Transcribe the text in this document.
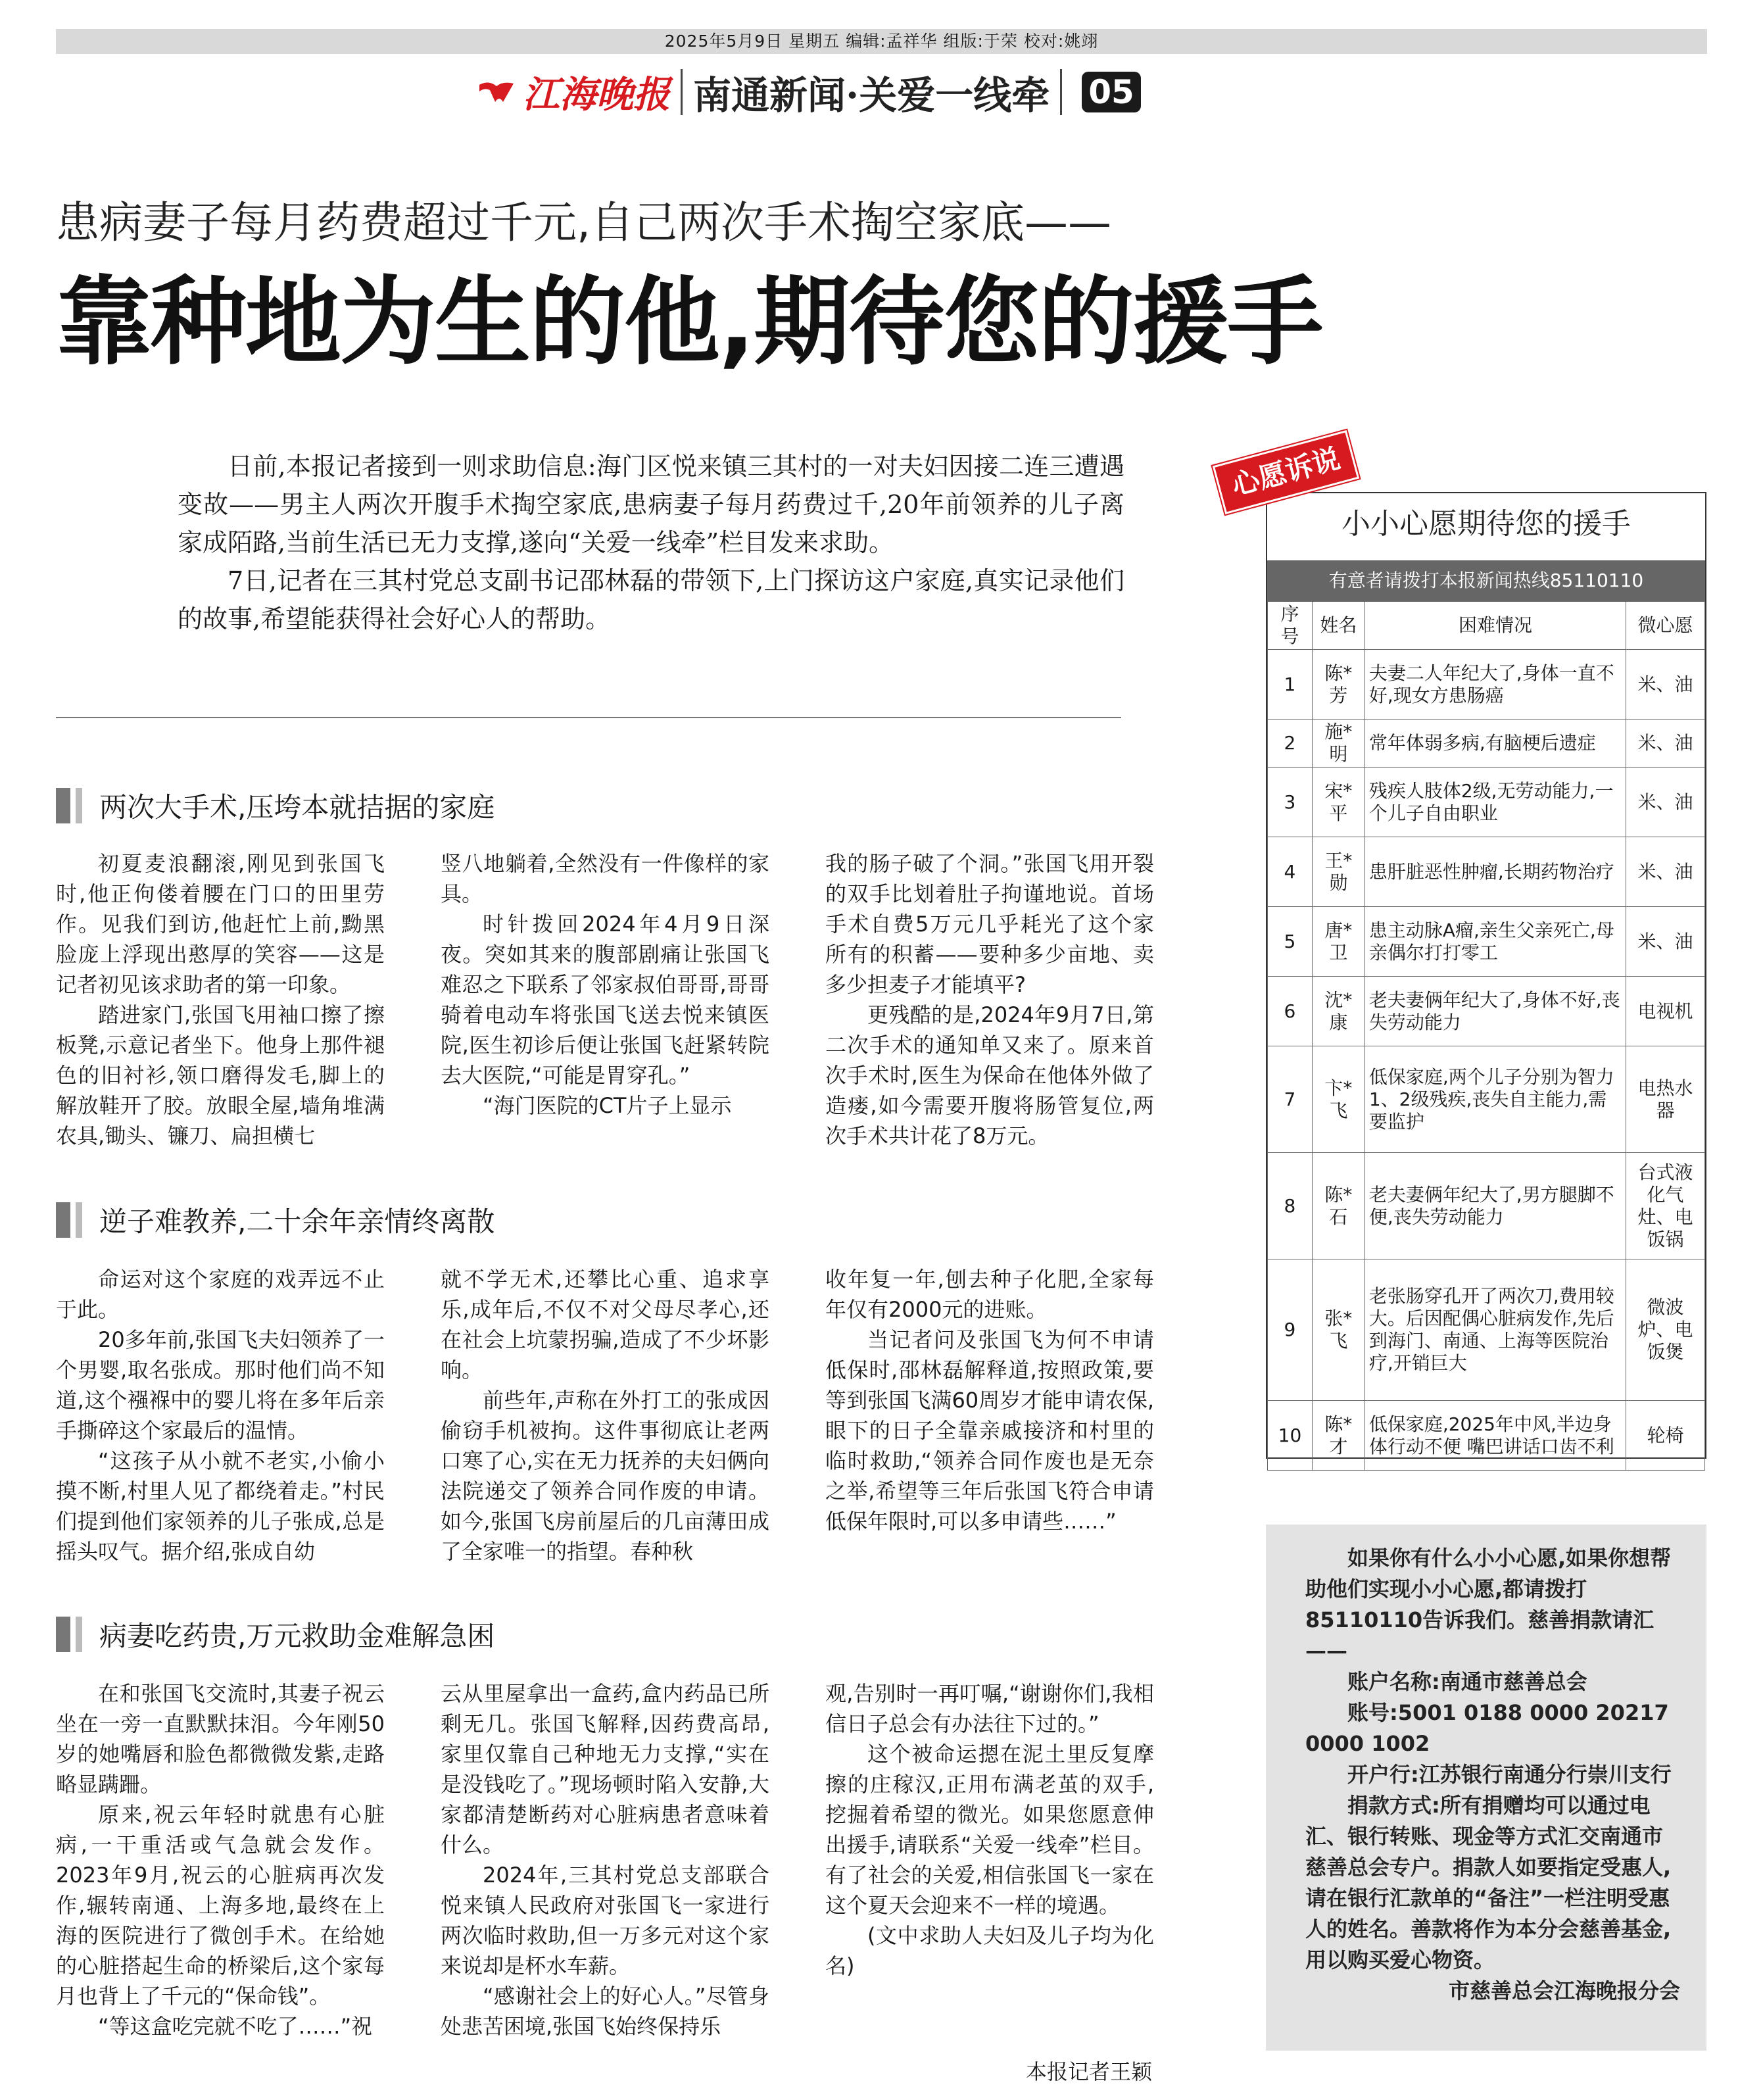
2025年5月9日 星期五 编辑:孟祥华 组版:于荣 校对:姚翊
江海晚报 南通新闻·关爱一线牵 05
患病妻子每月药费超过千元,自己两次手术掏空家底——
靠种地为生的他,期待您的援手

日前,本报记者接到一则求助信息:海门区悦来镇三其村的一对夫妇因接二连三遭遇变故——男主人两次开腹手术掏空家底,患病妻子每月药费过千,20年前领养的儿子离家成陌路,当前生活已无力支撑,遂向“关爱一线牵”栏目发来求助。

7日,记者在三其村党总支副书记邵林磊的带领下,上门探访这户家庭,真实记录他们的故事,希望能获得社会好心人的帮助。

两次大手术,压垮本就拮据的家庭

初夏麦浪翻滚,刚见到张国飞时,他正佝偻着腰在门口的田里劳作。见我们到访,他赶忙上前,黝黑脸庞上浮现出憨厚的笑容——这是记者初见该求助者的第一印象。

踏进家门,张国飞用袖口擦了擦板凳,示意记者坐下。他身上那件褪色的旧衬衫,领口磨得发毛,脚上的解放鞋开了胶。放眼全屋,墙角堆满农具,锄头、镰刀、扁担横七

竖八地躺着,全然没有一件像样的家具。

时针拨回2024年4月9日深夜。突如其来的腹部剧痛让张国飞难忍之下联系了邻家叔伯哥哥,哥哥骑着电动车将张国飞送去悦来镇医院,医生初诊后便让张国飞赶紧转院去大医院,“可能是胃穿孔。”

“海门医院的CT片子上显示

我的肠子破了个洞。”张国飞用开裂的双手比划着肚子拘谨地说。首场手术自费5万元几乎耗光了这个家所有的积蓄——要种多少亩地、卖多少担麦子才能填平?

更残酷的是,2024年9月7日,第二次手术的通知单又来了。原来首次手术时,医生为保命在他体外做了造瘘,如今需要开腹将肠管复位,两次手术共计花了8万元。

逆子难教养,二十余年亲情终离散

命运对这个家庭的戏弄远不止于此。

20多年前,张国飞夫妇领养了一个男婴,取名张成。那时他们尚不知道,这个襁褓中的婴儿将在多年后亲手撕碎这个家最后的温情。

“这孩子从小就不老实,小偷小摸不断,村里人见了都绕着走。”村民们提到他们家领养的儿子张成,总是摇头叹气。据介绍,张成自幼

就不学无术,还攀比心重、追求享乐,成年后,不仅不对父母尽孝心,还在社会上坑蒙拐骗,造成了不少坏影响。

前些年,声称在外打工的张成因偷窃手机被拘。这件事彻底让老两口寒了心,实在无力抚养的夫妇俩向法院递交了领养合同作废的申请。如今,张国飞房前屋后的几亩薄田成了全家唯一的指望。春种秋

收年复一年,刨去种子化肥,全家每年仅有2000元的进账。

当记者问及张国飞为何不申请低保时,邵林磊解释道,按照政策,要等到张国飞满60周岁才能申请农保,眼下的日子全靠亲戚接济和村里的临时救助,“领养合同作废也是无奈之举,希望等三年后张国飞符合申请低保年限时,可以多申请些……”

病妻吃药贵,万元救助金难解急困

在和张国飞交流时,其妻子祝云坐在一旁一直默默抹泪。今年刚50岁的她嘴唇和脸色都微微发紫,走路略显蹒跚。

原来,祝云年轻时就患有心脏病,一干重活或气急就会发作。2023年9月,祝云的心脏病再次发作,辗转南通、上海多地,最终在上海的医院进行了微创手术。在给她的心脏搭起生命的桥梁后,这个家每月也背上了千元的“保命钱”。

“等这盒吃完就不吃了……”祝

云从里屋拿出一盒药,盒内药品已所剩无几。张国飞解释,因药费高昂,家里仅靠自己种地无力支撑,“实在是没钱吃了。”现场顿时陷入安静,大家都清楚断药对心脏病患者意味着什么。

2024年,三其村党总支部联合悦来镇人民政府对张国飞一家进行两次临时救助,但一万多元对这个家来说却是杯水车薪。

“感谢社会上的好心人。”尽管身处悲苦困境,张国飞始终保持乐

观,告别时一再叮嘱,“谢谢你们,我相信日子总会有办法往下过的。”

这个被命运摁在泥土里反复摩擦的庄稼汉,正用布满老茧的双手,挖掘着希望的微光。如果您愿意伸出援手,请联系“关爱一线牵”栏目。有了社会的关爱,相信张国飞一家在这个夏天会迎来不一样的境遇。

(文中求助人夫妇及儿子均为化名)

本报记者王颖
心愿诉说
小小心愿期待您的援手
有意者请拨打本报新闻热线85110110
序号	姓名	困难情况	微心愿
1	陈*芳	夫妻二人年纪大了,身体一直不好,现女方患肠癌	米、油
2	施*明	常年体弱多病,有脑梗后遗症	米、油
3	宋*平	残疾人肢体2级,无劳动能力,一个儿子自由职业	米、油
4	王*勋	患肝脏恶性肿瘤,长期药物治疗	米、油
5	唐*卫	患主动脉A瘤,亲生父亲死亡,母亲偶尔打打零工	米、油
6	沈*康	老夫妻俩年纪大了,身体不好,丧失劳动能力	电视机
7	卞*飞	低保家庭,两个儿子分别为智力1、2级残疾,丧失自主能力,需要监护	电热水器
8	陈*石	老夫妻俩年纪大了,男方腿脚不便,丧失劳动能力	台式液化气灶、电饭锅
9	张*飞	老张肠穿孔开了两次刀,费用较大。后因配偶心脏病发作,先后到海门、南通、上海等医院治疗,开销巨大	微波炉、电饭煲
10	陈*才	低保家庭,2025年中风,半边身体行动不便 嘴巴讲话口齿不利	轮椅

如果你有什么小小心愿,如果你想帮助他们实现小小心愿,都请拨打85110110告诉我们。慈善捐款请汇——

账户名称:南通市慈善总会

账号:5001 0188 0000 20217 0000 1002

开户行:江苏银行南通分行崇川支行

捐款方式:所有捐赠均可以通过电汇、银行转账、现金等方式汇交南通市慈善总会专户。捐款人如要指定受惠人,请在银行汇款单的“备注”一栏注明受惠人的姓名。善款将作为本分会慈善基金,用以购买爱心物资。

市慈善总会江海晚报分会
